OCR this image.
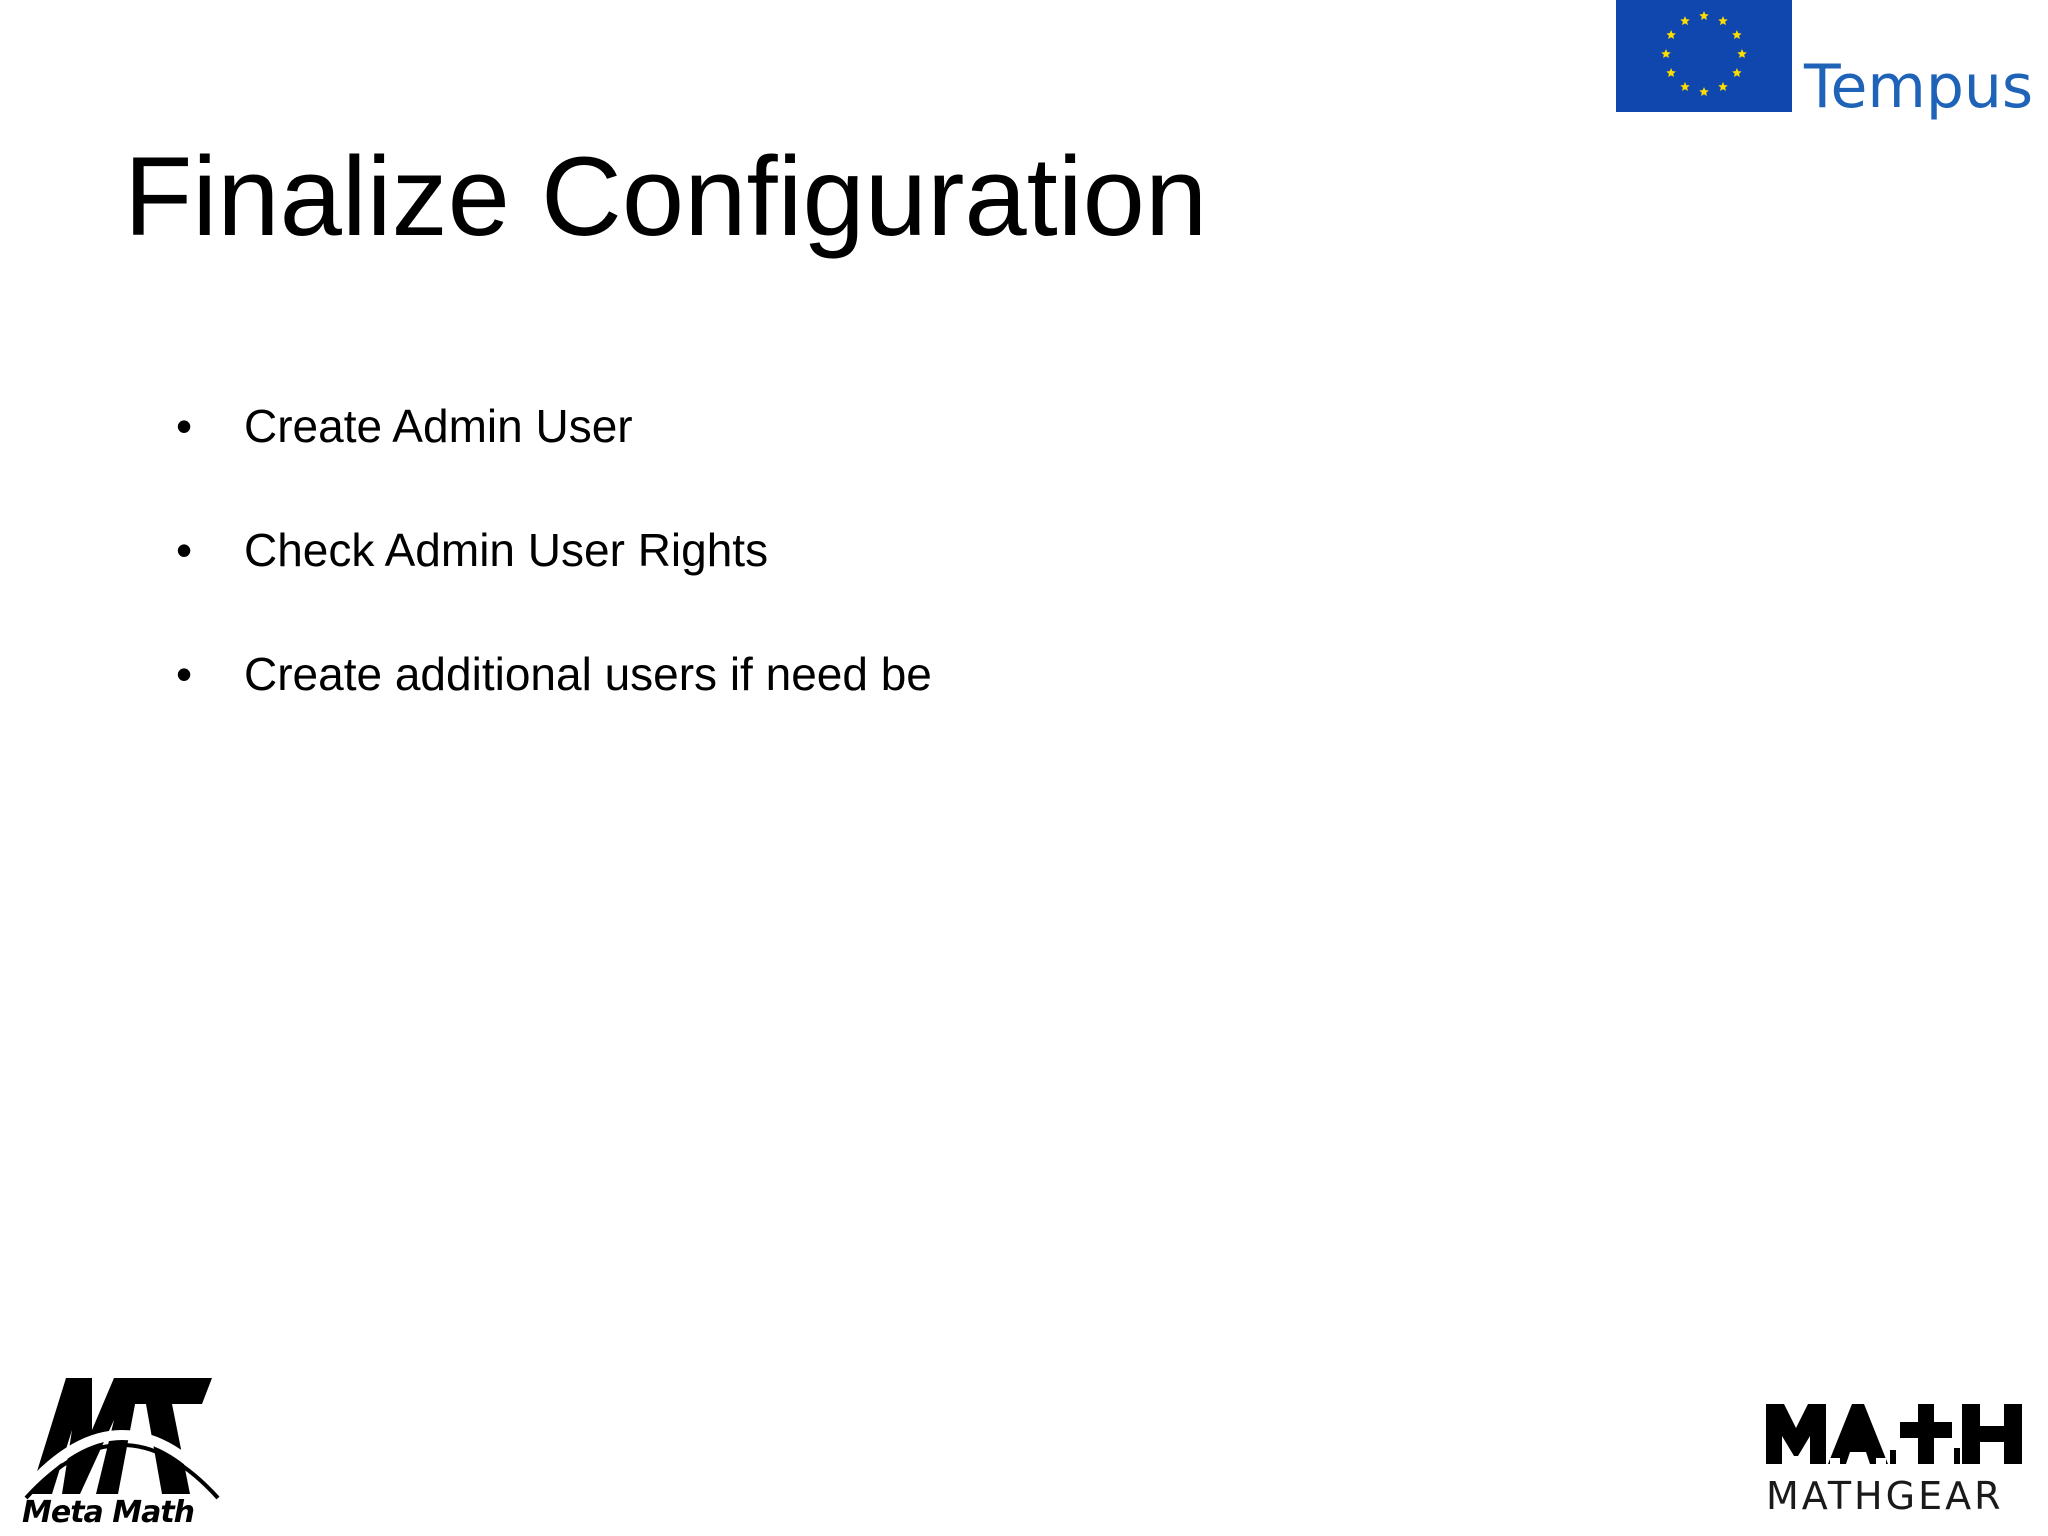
Finalize Configuration
•	Create Admin User
•	Check Admin User Rights
•	Create additional users if need be
Tempus
Meta Math	MATHGEAR
